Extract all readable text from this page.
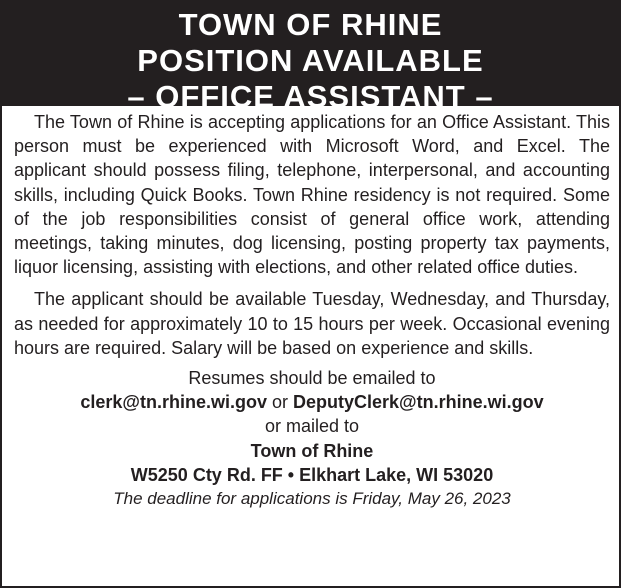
TOWN OF RHINE
POSITION AVAILABLE
– OFFICE ASSISTANT –

The Town of Rhine is accepting applications for an Office Assistant. This person must be experienced with Microsoft Word, and Excel. The applicant should possess filing, telephone, interpersonal, and accounting skills, including Quick Books. Town Rhine residency is not required. Some of the job responsibilities consist of general office work, attending meetings, taking minutes, dog licensing, posting property tax payments, liquor licensing, assisting with elections, and other related office duties.

The applicant should be available Tuesday, Wednesday, and Thursday, as needed for approximately 10 to 15 hours per week. Occasional evening hours are required. Salary will be based on experience and skills.

Resumes should be emailed to
clerk@tn.rhine.wi.gov or DeputyClerk@tn.rhine.wi.gov
or mailed to
Town of Rhine
W5250 Cty Rd. FF • Elkhart Lake, WI 53020
The deadline for applications is Friday, May 26, 2023
